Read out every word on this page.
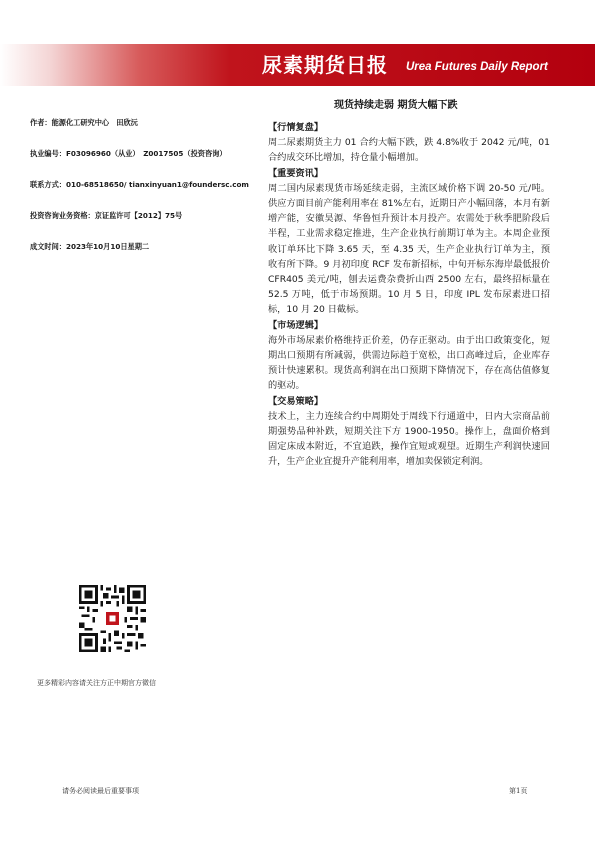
尿素期货日报 Urea Futures Daily Report
现货持续走弱 期货大幅下跌
作者：能源化工研究中心　田欣沅
执业编号：F03096960（从业）　Z0017505（投资咨询）
联系方式：010-68518650/ tianxinyuan1@foundersc.com
投资咨询业务资格：京证监许可【2012】75号
成文时间：2023年10月10日星期二
【行情复盘】

周二尿素期货主力 01 合约大幅下跌，跌 4.8%收于 2042 元/吨，01 合约成交环比增加，持仓量小幅增加。

【重要资讯】

周二国内尿素现货市场延续走弱，主流区域价格下调 20-50 元/吨。供应方面目前产能利用率在 81%左右，近期日产小幅回落，本月有新增产能，安徽昊源、华鲁恒升预计本月投产。农需处于秋季肥阶段后半程，工业需求稳定推进，生产企业执行前期订单为主。本周企业预收订单环比下降 3.65 天，至 4.35 天，生产企业执行订单为主，预收有所下降。9 月初印度 RCF 发布新招标，中旬开标东海岸最低报价 CFR405 美元/吨，刨去运费杂费折山西 2500 左右，最终招标量在 52.5 万吨，低于市场预期。10 月 5 日，印度 IPL 发布尿素进口招标，10 月 20 日截标。

【市场逻辑】

海外市场尿素价格维持正价差，仍存正驱动。由于出口政策变化，短期出口预期有所减弱，供需边际趋于宽松，出口高峰过后，企业库存预计快速累积。现货高利润在出口预期下降情况下，存在高估值修复的驱动。

【交易策略】

技术上，主力连续合约中周期处于周线下行通道中，日内大宗商品前期强势品种补跌，短期关注下方 1900-1950。操作上，盘面价格到固定床成本附近，不宜追跌，操作宜短或观望。近期生产利润快速回升，生产企业宜提升产能利用率，增加卖保锁定利润。

更多精彩内容请关注方正中期官方微信
请务必阅读最后重要事项	第1页
